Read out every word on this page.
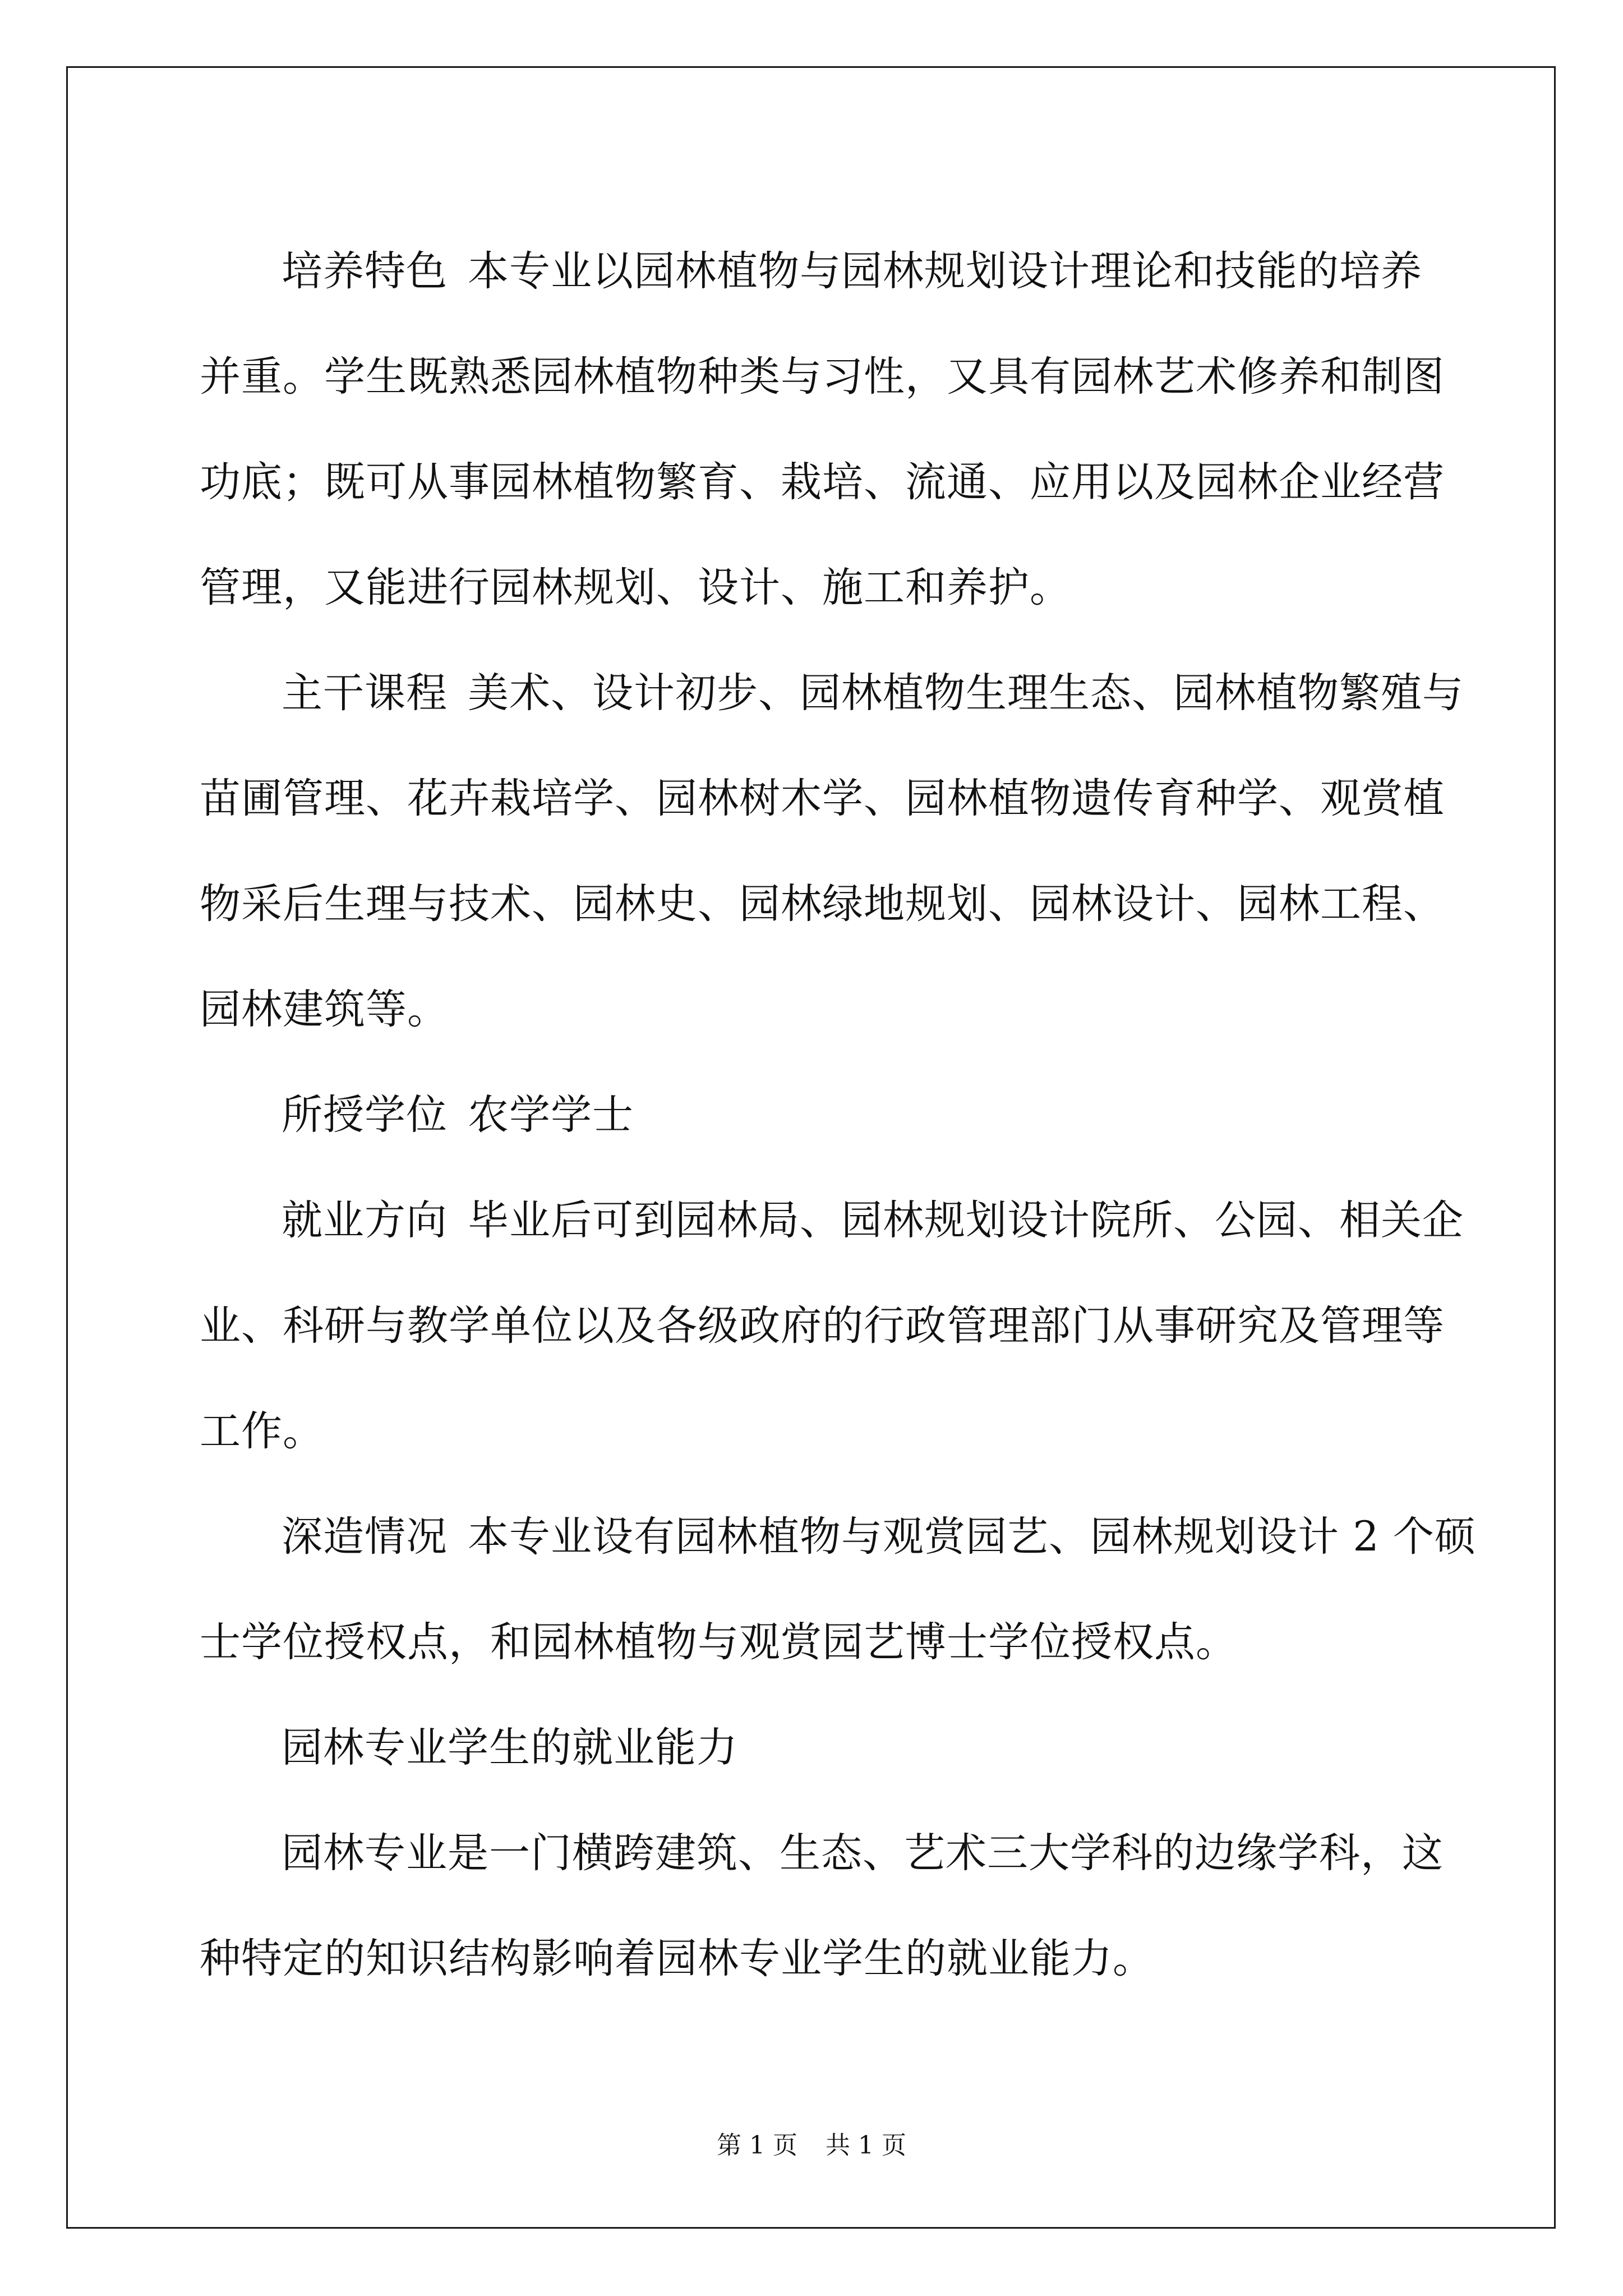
培养特色 本专业以园林植物与园林规划设计理论和技能的培养
并重。学生既熟悉园林植物种类与习性，又具有园林艺术修养和制图
功底；既可从事园林植物繁育、栽培、流通、应用以及园林企业经营
管理，又能进行园林规划、设计、施工和养护。
主干课程 美术、设计初步、园林植物生理生态、园林植物繁殖与
苗圃管理、花卉栽培学、园林树木学、园林植物遗传育种学、观赏植
物采后生理与技术、园林史、园林绿地规划、园林设计、园林工程、
园林建筑等。
所授学位 农学学士
就业方向 毕业后可到园林局、园林规划设计院所、公园、相关企
业、科研与教学单位以及各级政府的行政管理部门从事研究及管理等
工作。
深造情况 本专业设有园林植物与观赏园艺、园林规划设计 2 个硕
士学位授权点，和园林植物与观赏园艺博士学位授权点。
园林专业学生的就业能力
园林专业是一门横跨建筑、生态、艺术三大学科的边缘学科，这
种特定的知识结构影响着园林专业学生的就业能力。
第 1 页 共 1 页
